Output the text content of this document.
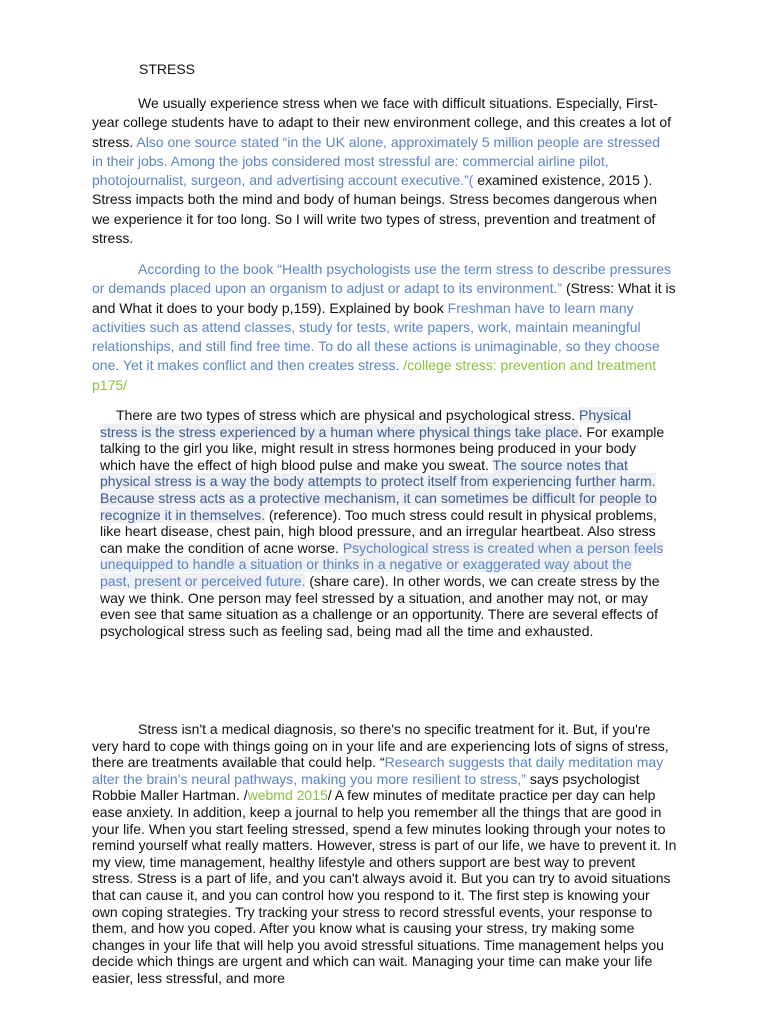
STRESS

We usually experience stress when we face with difficult situations. Especially, First-year college students have to adapt to their new environment college, and this creates a lot of stress. Also one source stated “in the UK alone, approximately 5 million people are stressed in their jobs. Among the jobs considered most stressful are: commercial airline pilot, photojournalist, surgeon, and advertising account executive.”( examined existence, 2015 ). Stress impacts both the mind and body of human beings. Stress becomes dangerous when we experience it for too long. So I will write two types of stress, prevention and treatment of stress.

According to the book “Health psychologists use the term stress to describe pressures or demands placed upon an organism to adjust or adapt to its environment.” (Stress: What it is and What it does to your body p,159). Explained by book Freshman have to learn many activities such as attend classes, study for tests, write papers, work, maintain meaningful relationships, and still find free time. To do all these actions is unimaginable, so they choose one. Yet it makes conflict and then creates stress. /college stress: prevention and treatment p175/

There are two types of stress which are physical and psychological stress. Physical stress is the stress experienced by a human where physical things take place. For example talking to the girl you like, might result in stress hormones being produced in your body which have the effect of high blood pulse and make you sweat. The source notes that physical stress is a way the body attempts to protect itself from experiencing further harm. Because stress acts as a protective mechanism, it can sometimes be difficult for people to recognize it in themselves. (reference). Too much stress could result in physical problems, like heart disease, chest pain, high blood pressure, and an irregular heartbeat. Also stress can make the condition of acne worse. Psychological stress is created when a person feels unequipped to handle a situation or thinks in a negative or exaggerated way about the past, present or perceived future. (share care). In other words, we can create stress by the way we think. One person may feel stressed by a situation, and another may not, or may even see that same situation as a challenge or an opportunity. There are several effects of psychological stress such as feeling sad, being mad all the time and exhausted.

Stress isn't a medical diagnosis, so there's no specific treatment for it. But, if you're very hard to cope with things going on in your life and are experiencing lots of signs of stress, there are treatments available that could help. “Research suggests that daily meditation may alter the brain’s neural pathways, making you more resilient to stress,” says psychologist Robbie Maller Hartman. /webmd 2015/ A few minutes of meditate practice per day can help ease anxiety. In addition, keep a journal to help you remember all the things that are good in your life. When you start feeling stressed, spend a few minutes looking through your notes to remind yourself what really matters. However, stress is part of our life, we have to prevent it. In my view, time management, healthy lifestyle and others support are best way to prevent stress. Stress is a part of life, and you can't always avoid it. But you can try to avoid situations that can cause it, and you can control how you respond to it. The first step is knowing your own coping strategies. Try tracking your stress to record stressful events, your response to them, and how you coped. After you know what is causing your stress, try making some changes in your life that will help you avoid stressful situations. Time management helps you decide which things are urgent and which can wait. Managing your time can make your life easier, less stressful, and more
